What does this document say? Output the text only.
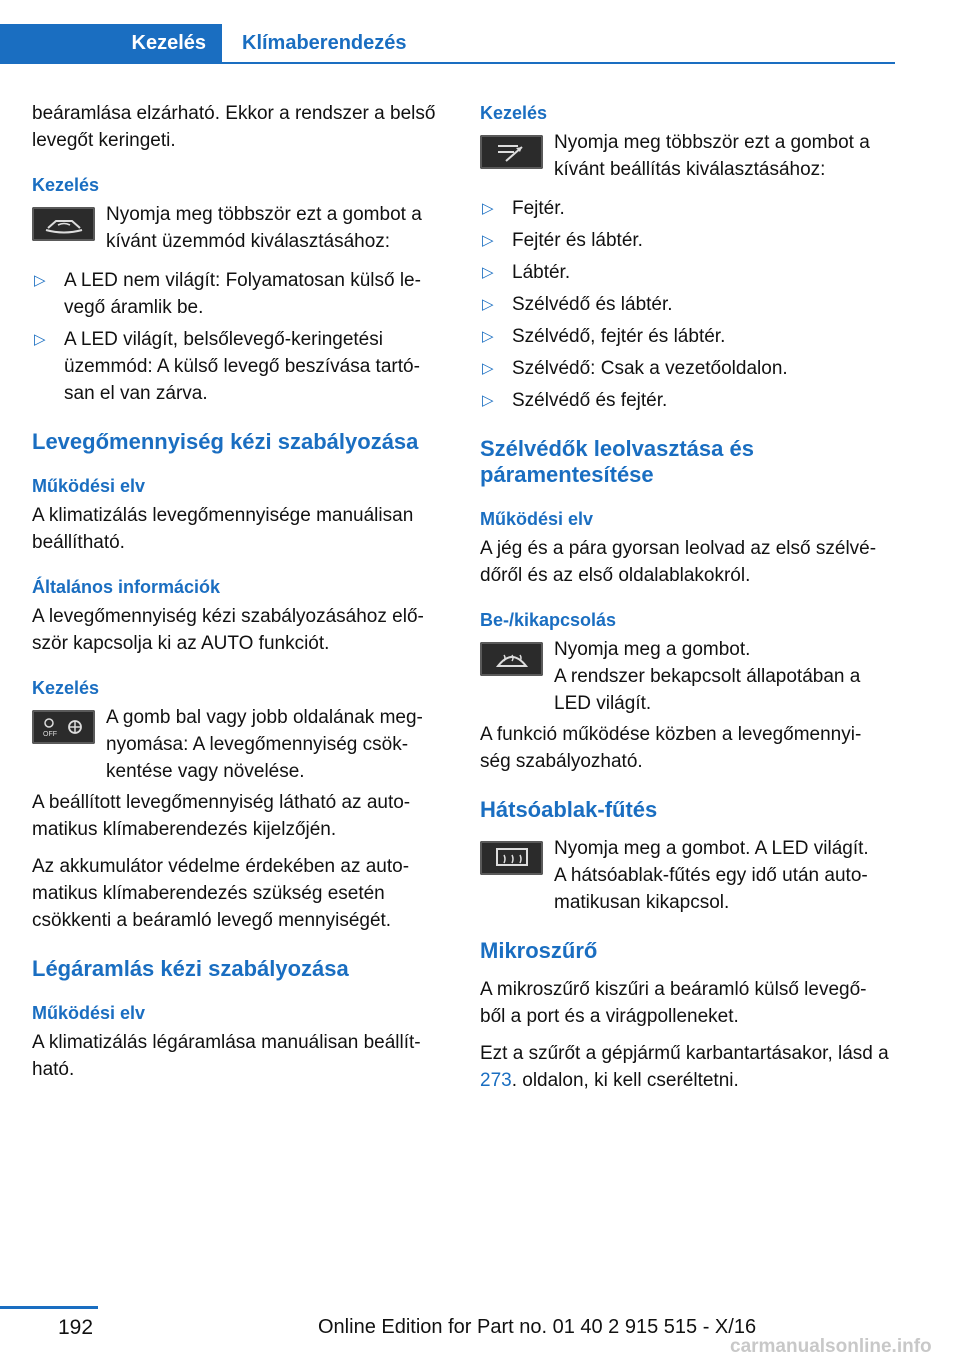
Kezelés	Klímaberendezés

beáramlása elzárható. Ekkor a rendszer a belső levegőt keringeti.

Kezelés
Nyomja meg többször ezt a gombot a kívánt üzemmód kiválasztásához:
▷ A LED nem világít: Folyamatosan külső le‐vegő áramlik be.
▷ A LED világít, belsőlevegő-keringetési üzemmód: A külső levegő beszívása tartó‐san el van zárva.
Levegőmennyiség kézi szabályozása
Működési elv

A klimatizálás levegőmennyisége manuálisan beállítható.

Általános információk

A levegőmennyiség kézi szabályozásához elő‐ször kapcsolja ki az AUTO funkciót.

Kezelés
OFF
A gomb bal vagy jobb oldalának meg‐nyomása: A levegőmennyiség csök‐kentése vagy növelése.

A beállított levegőmennyiség látható az auto‐matikus klímaberendezés kijelzőjén.

Az akkumulátor védelme érdekében az auto‐matikus klímaberendezés szükség esetén csökkenti a beáramló levegő mennyiségét.

Légáramlás kézi szabályozása
Működési elv

A klimatizálás légáramlása manuálisan beállít‐ható.

Kezelés
Nyomja meg többször ezt a gombot a kívánt beállítás kiválasztásához:
▷ Fejtér.
▷ Fejtér és lábtér.
▷ Lábtér.
▷ Szélvédő és lábtér.
▷ Szélvédő, fejtér és lábtér.
▷ Szélvédő: Csak a vezetőoldalon.
▷ Szélvédő és fejtér.
Szélvédők leolvasztása és páramentesítése
Működési elv

A jég és a pára gyorsan leolvad az első szélvé‐dőről és az első oldalablakokról.

Be-/kikapcsolás
Nyomja meg a gombot.
A rendszer bekapcsolt állapotában a LED világít.

A funkció működése közben a levegőmennyi‐ség szabályozható.

Hátsóablak-fűtés
Nyomja meg a gombot. A LED világít.
A hátsóablak-fűtés egy idő után auto‐matikusan kikapcsol.
Mikroszűrő

A mikroszűrő kiszűri a beáramló külső levegő‐ből a port és a virágpolleneket.

Ezt a szűrőt a gépjármű karbantartásakor, lásd a 273. oldalon, ki kell cseréltetni.

192	Online Edition for Part no. 01 40 2 915 515 - X/16
carmanualsonline.info
